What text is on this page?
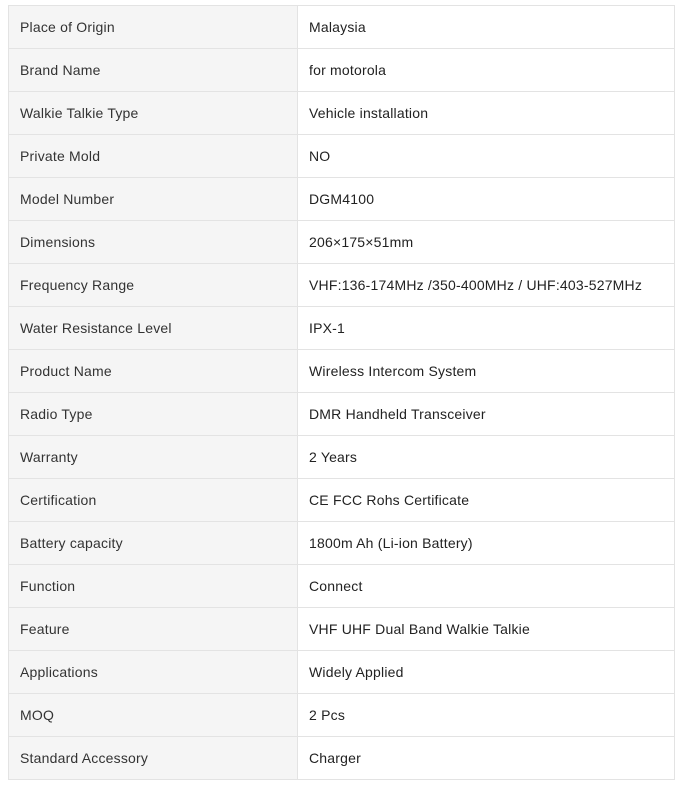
Place of Origin	Malaysia
Brand Name	for motorola
Walkie Talkie Type	Vehicle installation
Private Mold	NO
Model Number	DGM4100
Dimensions	206×175×51mm
Frequency Range	VHF:136-174MHz /350-400MHz / UHF:403-527MHz
Water Resistance Level	IPX-1
Product Name	Wireless Intercom System
Radio Type	DMR Handheld Transceiver
Warranty	2 Years
Certification	CE FCC Rohs Certificate
Battery capacity	1800m Ah (Li-ion Battery)
Function	Connect
Feature	VHF UHF Dual Band Walkie Talkie
Applications	Widely Applied
MOQ	2 Pcs
Standard Accessory	Charger
